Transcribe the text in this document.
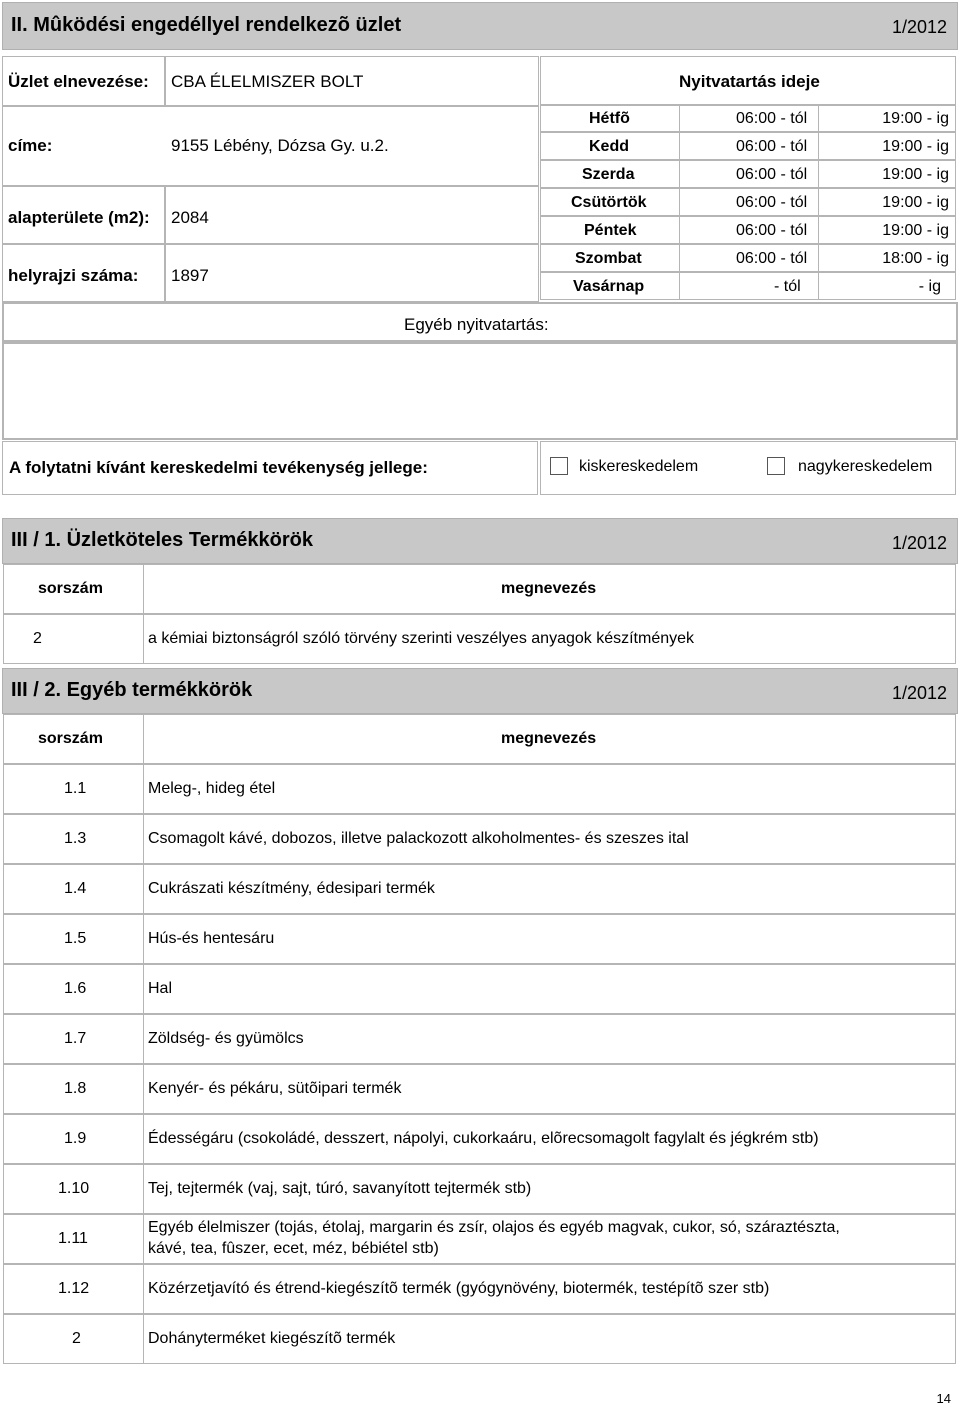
II. Mûködési engedéllyel rendelkezõ üzlet	1/2012
Üzlet elnevezése: CBA ÉLELMISZER BOLT
címe:	9155 Lébény, Dózsa Gy. u.2.
alapterülete (m2): 2084
helyrajzi száma: 1897
Nyitvatartás ideje
Hétfõ	06:00 - tól	19:00 - ig
Kedd	06:00 - tól	19:00 - ig
Szerda	06:00 - tól	19:00 - ig
Csütörtök	06:00 - tól	19:00 - ig
Péntek	06:00 - tól	19:00 - ig
Szombat	06:00 - tól	18:00 - ig
Vasárnap	- tól	- ig
Egyéb nyitvatartás:
A folytatni kívánt kereskedelmi tevékenység jellege:	kiskereskedelem	nagykereskedelem
III / 1. Üzletköteles Termékkörök	1/2012
sorszám	megnevezés
2	a kémiai biztonságról szóló törvény szerinti veszélyes anyagok készítmények
III / 2. Egyéb termékkörök	1/2012
sorszám	megnevezés
1.1	Meleg-, hideg étel
1.3	Csomagolt kávé, dobozos, illetve palackozott alkoholmentes- és szeszes ital
1.4	Cukrászati készítmény, édesipari termék
1.5	Hús-és hentesáru
1.6	Hal
1.7	Zöldség- és gyümölcs
1.8	Kenyér- és pékáru, sütõipari termék
1.9	Édességáru (csokoládé, desszert, nápolyi, cukorkaáru, elõrecsomagolt fagylalt és jégkrém stb)
1.10	Tej, tejtermék (vaj, sajt, túró, savanyított tejtermék stb)
1.11
Egyéb élelmiszer (tojás, étolaj, margarin és zsír, olajos és egyéb magvak, cukor, só, száraztészta,
kávé, tea, fûszer, ecet, méz, bébiétel stb)
1.12	Közérzetjavító és étrend-kiegészítõ termék (gyógynövény, biotermék, testépítõ szer stb)
2	Dohányterméket kiegészítõ termék
14
